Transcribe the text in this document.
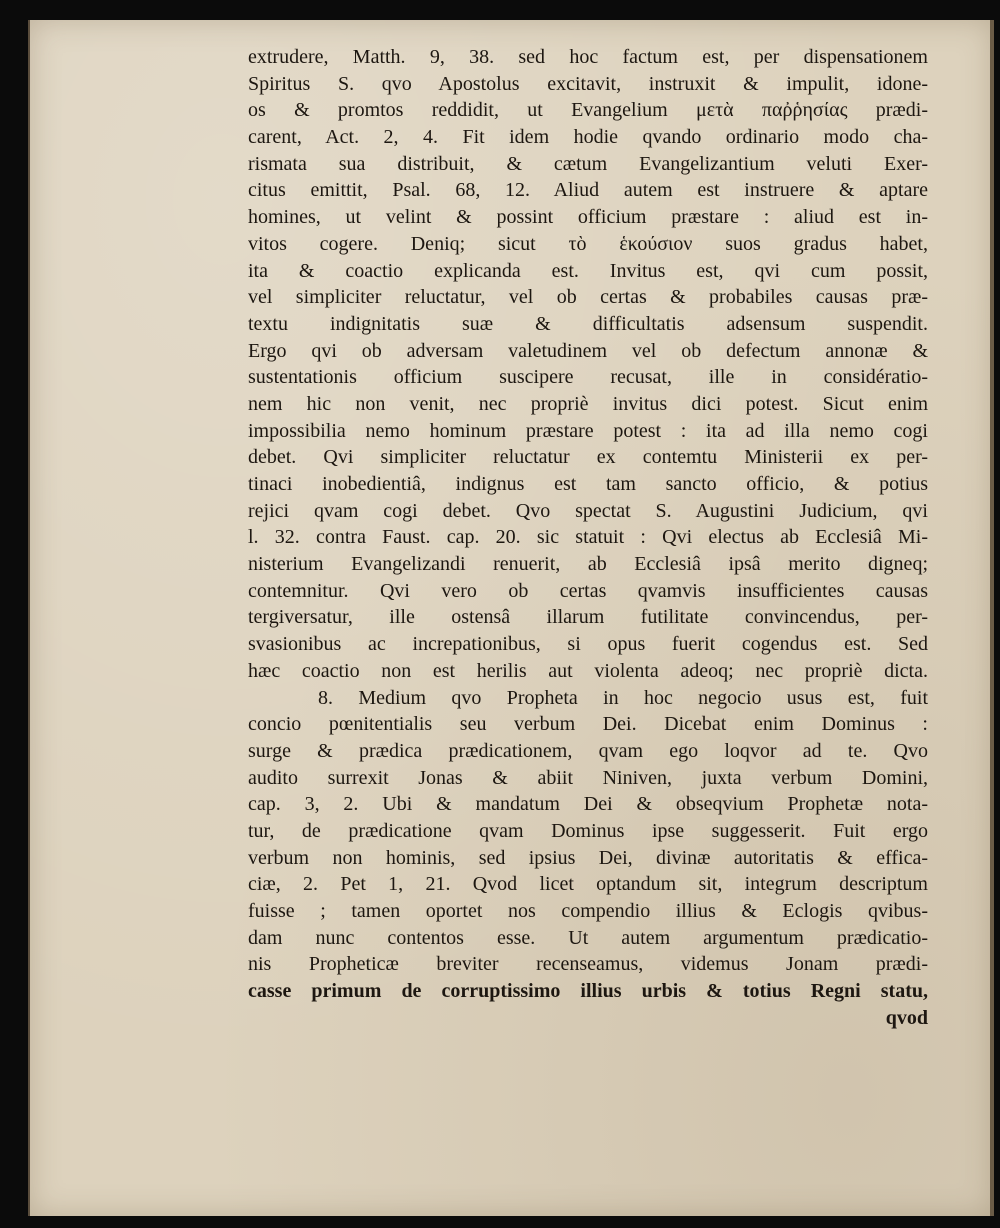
extrudere, Matth. 9, 38. sed hoc factum est, per dispensationem
Spiritus S. qvo Apostolus excitavit, instruxit & impulit, idone-
os & promtos reddidit, ut Evangelium μετὰ παῤῥησίας prædi-
carent, Act. 2, 4. Fit idem hodie qvando ordinario modo cha-
rismata sua distribuit, & cætum Evangelizantium veluti Exer-
citus emittit, Psal. 68, 12. Aliud autem est instruere & aptare
homines, ut velint & possint officium præstare : aliud est in-
vitos cogere. Deniq; sicut τὸ ἑκούσιον suos gradus habet,
ita & coactio explicanda est. Invitus est, qvi cum possit,
vel simpliciter reluctatur, vel ob certas & probabiles causas præ-
textu indignitatis suæ & difficultatis adsensum suspendit.
Ergo qvi ob adversam valetudinem vel ob defectum annonæ &
sustentationis officium suscipere recusat, ille in considératio-
nem hic non venit, nec propriè invitus dici potest. Sicut enim
impossibilia nemo hominum præstare potest : ita ad illa nemo cogi
debet. Qvi simpliciter reluctatur ex contemtu Ministerii ex per-
tinaci inobedientiâ, indignus est tam sancto officio, & potius
rejici qvam cogi debet. Qvo spectat S. Augustini Judicium, qvi
l. 32. contra Faust. cap. 20. sic statuit : Qvi electus ab Ecclesiâ Mi-
nisterium Evangelizandi renuerit, ab Ecclesiâ ipsâ merito digneq;
contemnitur. Qvi vero ob certas qvamvis insufficientes causas
tergiversatur, ille ostensâ illarum futilitate convincendus, per-
svasionibus ac increpationibus, si opus fuerit cogendus est. Sed
hæc coactio non est herilis aut violenta adeoq; nec propriè dicta.
8. Medium qvo Propheta in hoc negocio usus est, fuit
concio pœnitentialis seu verbum Dei. Dicebat enim Dominus :
surge & prædica prædicationem, qvam ego loqvor ad te. Qvo
audito surrexit Jonas & abiit Niniven, juxta verbum Domini,
cap. 3, 2. Ubi & mandatum Dei & obseqvium Prophetæ nota-
tur, de prædicatione qvam Dominus ipse suggesserit. Fuit ergo
verbum non hominis, sed ipsius Dei, divinæ autoritatis & effica-
ciæ, 2. Pet 1, 21. Qvod licet optandum sit, integrum descriptum
fuisse ; tamen oportet nos compendio illius & Eclogis qvibus-
dam nunc contentos esse. Ut autem argumentum prædicatio-
nis Propheticæ breviter recenseamus, videmus Jonam prædi-
casse primum de corruptissimo illius urbis & totius Regni statu,
qvod
